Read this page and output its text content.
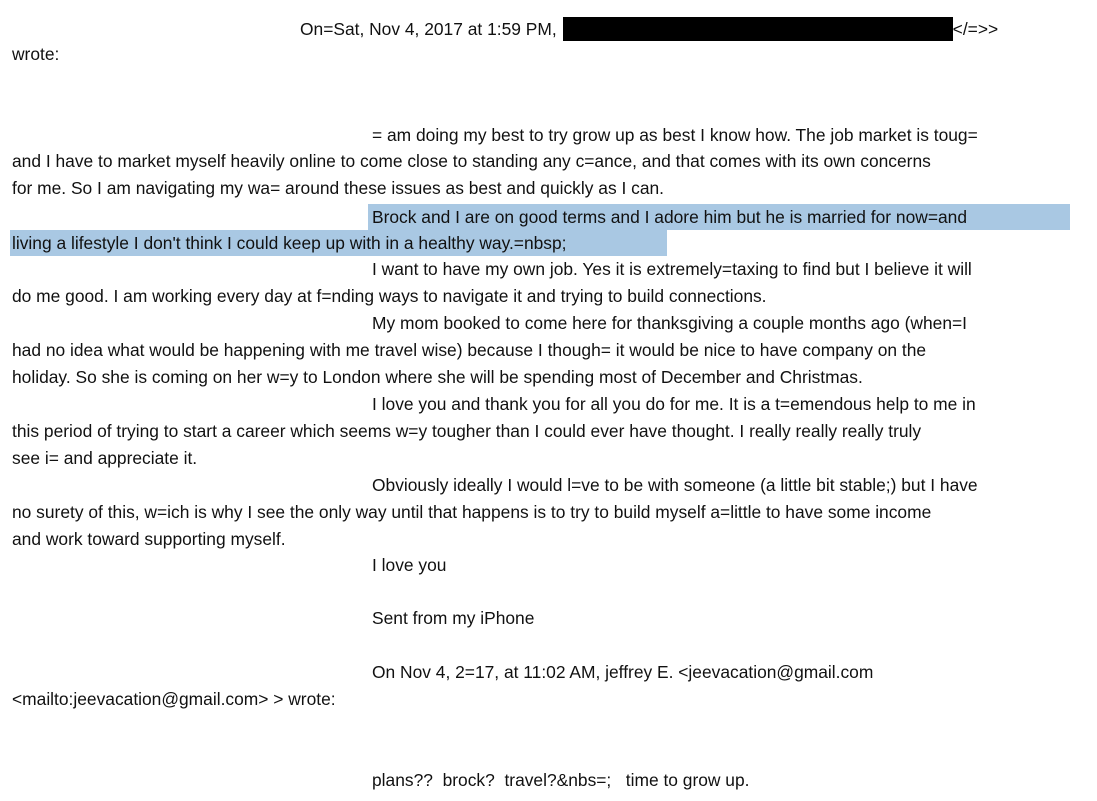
On=Sat, Nov 4, 2017 at 1:59 PM,	</=>>
wrote:
= am doing my best to try grow up as best I know how. The job market is toug=
and I have to market myself heavily online to come close to standing any c=ance, and that comes with its own concerns
for me. So I am navigating my wa= around these issues as best and quickly as I can.
Brock and I are on good terms and I adore him but he is married for now=and
living a lifestyle I don't think I could keep up with in a healthy way.=nbsp;
I want to have my own job. Yes it is extremely=taxing to find but I believe it will
do me good. I am working every day at f=nding ways to navigate it and trying to build connections.
My mom booked to come here for thanksgiving a couple months ago (when=I
had no idea what would be happening with me travel wise) because I though= it would be nice to have company on the
holiday. So she is coming on her w=y to London where she will be spending most of December and Christmas.
I love you and thank you for all you do for me. It is a t=emendous help to me in
this period of trying to start a career which seems w=y tougher than I could ever have thought. I really really really truly
see i= and appreciate it.
Obviously ideally I would l=ve to be with someone (a little bit stable;) but I have
no surety of this, w=ich is why I see the only way until that happens is to try to build myself a=little to have some income
and work toward supporting myself.
I love you
Sent from my iPhone
On Nov 4, 2=17, at 11:02 AM, jeffrey E. <jeevacation@gmail.com
<mailto:jeevacation@gmail.com> > wrote:
plans??  brock?  travel?&nbs=;   time to grow up.
